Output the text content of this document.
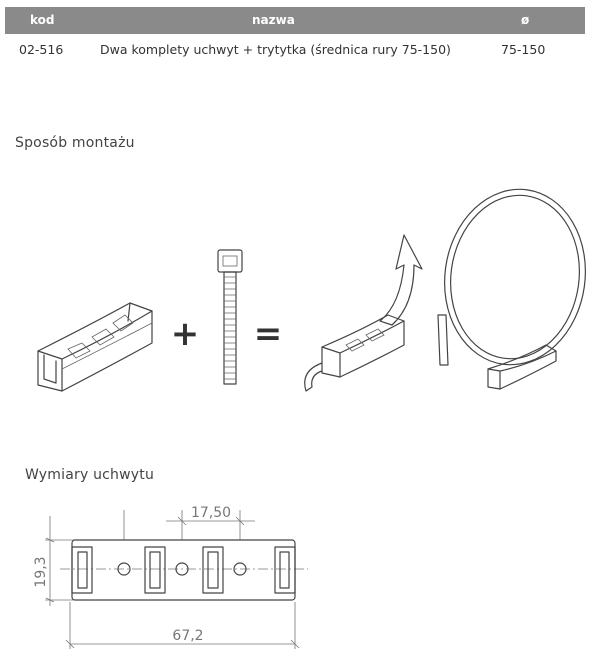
kod	nazwa	ø
02-516	Dwa komplety uchwyt + trytytka (średnica rury 75-150)	75-150
Sposób montażu
+ =
Wymiary uchwytu
19,3
17,50
67,2
